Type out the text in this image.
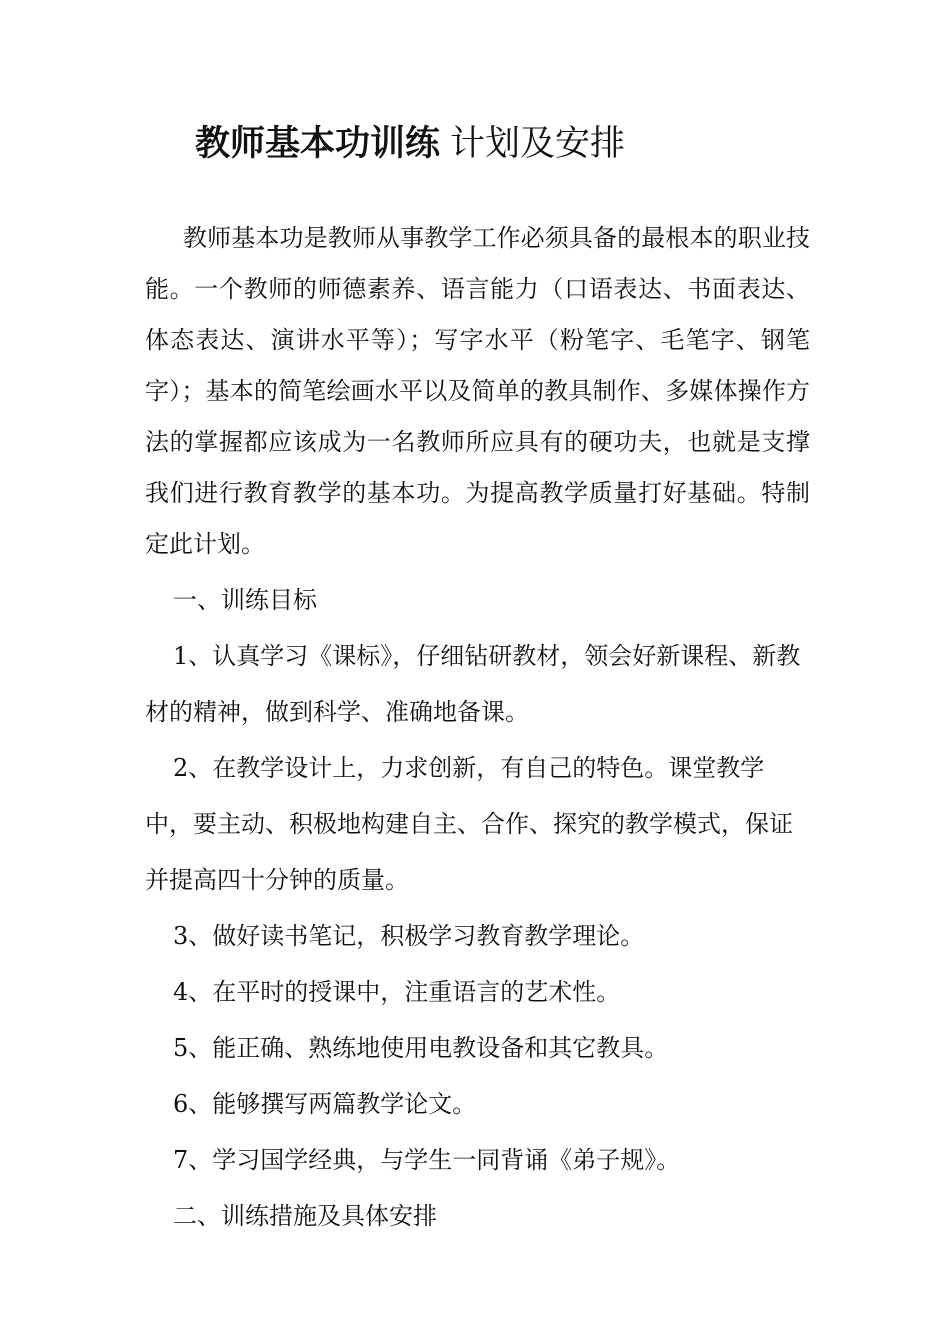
教师基本功训练 计划及安排

教师基本功是教师从事教学工作必须具备的最根本的职业技能。一个教师的师德素养、语言能力（口语表达、书面表达、体态表达、演讲水平等）；写字水平（粉笔字、毛笔字、钢笔字）；基本的简笔绘画水平以及简单的教具制作、多媒体操作方法的掌握都应该成为一名教师所应具有的硬功夫，也就是支撑我们进行教育教学的基本功。为提高教学质量打好基础。特制定此计划。

一、训练目标

1、认真学习《课标》，仔细钻研教材，领会好新课程、新教材的精神，做到科学、准确地备课。

2、在教学设计上，力求创新，有自己的特色。课堂教学中，要主动、积极地构建自主、合作、探究的教学模式，保证并提高四十分钟的质量。

3、做好读书笔记，积极学习教育教学理论。

4、在平时的授课中，注重语言的艺术性。

5、能正确、熟练地使用电教设备和其它教具。

6、能够撰写两篇教学论文。

7、学习国学经典，与学生一同背诵《弟子规》。

二、训练措施及具体安排
